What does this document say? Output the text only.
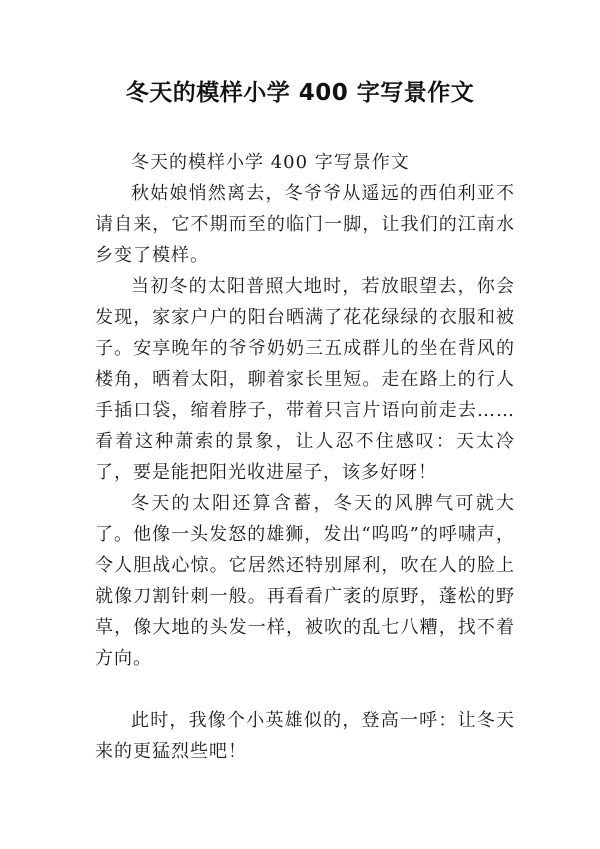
冬天的模样小学 400 字写景作文

冬天的模样小学 400 字写景作文

秋姑娘悄然离去，冬爷爷从遥远的西伯利亚不请自来，它不期而至的临门一脚，让我们的江南水乡变了模样。

当初冬的太阳普照大地时，若放眼望去，你会发现，家家户户的阳台晒满了花花绿绿的衣服和被子。安享晚年的爷爷奶奶三五成群儿的坐在背风的楼角，晒着太阳，聊着家长里短。走在路上的行人手插口袋，缩着脖子，带着只言片语向前走去……看着这种萧索的景象，让人忍不住感叹：天太冷了，要是能把阳光收进屋子，该多好呀！

冬天的太阳还算含蓄，冬天的风脾气可就大了。他像一头发怒的雄狮，发出“呜呜”的呼啸声，令人胆战心惊。它居然还特别犀利，吹在人的脸上就像刀割针刺一般。再看看广袤的原野，蓬松的野草，像大地的头发一样，被吹的乱七八糟，找不着方向。

此时，我像个小英雄似的，登高一呼：让冬天来的更猛烈些吧！
